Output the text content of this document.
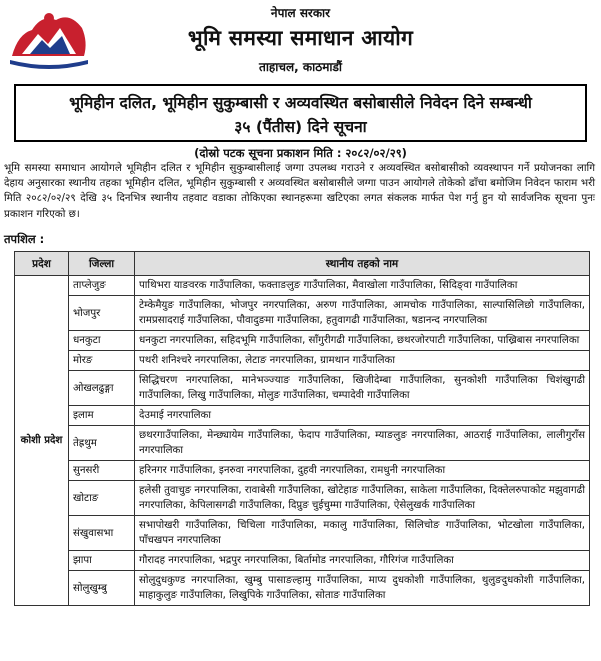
नेपाल सरकार
भूमि समस्या समाधान आयोग
ताहाचल, काठमाडौं
भूमिहीन दलित, भूमिहीन सुकुम्बासी र अव्यवस्थित बसोबासीले निवेदन दिने सम्बन्धी
३५ (पैंतीस) दिने सूचना
(दोस्रो पटक सूचना प्रकाशन मिति : २०८२/०२/२९)
भूमि समस्या समाधान आयोगले भूमिहीन दलित र भूमिहीन सुकुम्बासीलाई जग्गा उपलब्ध गराउने र अव्यवस्थित बसोबासीको व्यवस्थापन गर्ने प्रयोजनका लागि देहाय अनुसारका स्थानीय तहका भूमिहीन दलित, भूमिहीन सुकुम्बासी र अव्यवस्थित बसोबासीले जग्गा पाउन आयोगले तोकेको ढाँचा बमोजिम निवेदन फाराम भरी मिति २०८२/०२/२९ देखि ३५ दिनभित्र स्थानीय तहवाट वडाका तोकिएका स्थानहरूमा खटिएका लगत संकलक मार्फत पेश गर्नु हुन यो सार्वजनिक सूचना पुनः प्रकाशन गरिएको छ।
तपशिल :
प्रदेश	जिल्ला	स्थानीय तहको नाम
कोशी प्रदेश	ताप्लेजुङ	पाथिभरा याङवरक गाउँपालिका, फक्ताङलुङ गाउँपालिका, मैवाखोला गाउँपालिका, सिदिङ्वा गाउँपालिका
	भोजपुर	टेम्केमैयुङ गाउँपालिका, भोजपुर नगरपालिका, अरुण गाउँपालिका, आमचोक गाउँपालिका, साल्पासिलिछो गाउँपालिका, रामप्रसादराई गाउँपालिका, पौवादुङमा गाउँपालिका, हतुवागढी गाउँपालिका, षडानन्द नगरपालिका
	धनकुटा	धनकुटा नगरपालिका, सहिदभूमि गाउँपालिका, साँगुरीगढी गाउँपालिका, छथरजोरपाटी गाउँपालिका, पाख्रिबास नगरपालिका
	मोरङ	पथरी शनिश्चरे नगरपालिका, लेटाङ नगरपालिका, ग्रामथान गाउँपालिका
	ओखलढुङ्गा	सिद्धिचरण नगरपालिका, मानेभञ्ज्याङ गाउँपालिका, खिजीदेम्बा गाउँपालिका, सुनकोशी गाउँपालिका चिशंखुगढी गाउँपालिका, लिखु गाउँपालिका, मोलुङ गाउँपालिका, चम्पादेवी गाउँपालिका
	इलाम	देउमाई नगरपालिका
	तेह्रथुम	छथरगाउँपालिका, मेन्छ्यायेम गाउँपालिका, फेदाप गाउँपालिका, म्याङलुङ नगरपालिका, आठराई गाउँपालिका, लालीगुराँस नगरपालिका
	सुनसरी	हरिनगर गाउँपालिका, इनरुवा नगरपालिका, दुहवी नगरपालिका, रामधुनी नगरपालिका
	खोटाङ	हलेसी तुवाचुङ नगरपालिका, रावाबेसी गाउँपालिका, खोटेहाङ गाउँपालिका, साकेला गाउँपालिका, दिक्तेलरुपाकोट मझुवागढी नगरपालिका, केपिलासगढी गाउँपालिका, दिप्रुङ चुईचुम्मा गाउँपालिका, ऐसेलुखर्क गाउँपालिका
	संखुवासभा	सभापोखरी गाउँपालिका, चिचिला गाउँपालिका, मकालु गाउँपालिका, सिलिचोङ गाउँपालिका, भोटखोला गाउँपालिका, पाँचखपन नगरपालिका
	झापा	गौरादह नगरपालिका, भद्रपुर नगरपालिका, बिर्तामोड नगरपालिका, गौरिगंज गाउँपालिका
	सोलुखुम्बु	सोलुदुधकुण्ड नगरपालिका, खुम्बु पासाङल्हामु गाउँपालिका, माप्य दुधकोशी गाउँपालिका, थुलुङदुधकोशी गाउँपालिका, माहाकुलुङ गाउँपालिका, लिखुपिके गाउँपालिका, सोताङ गाउँपालिका
